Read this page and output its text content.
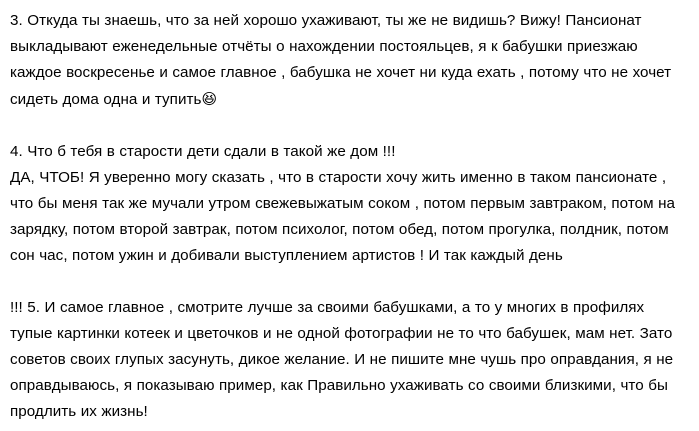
3. Откуда ты знаешь, что за ней хорошо ухаживают, ты же не видишь? Вижу! Пансионат выкладывают еженедельные отчёты о нахождении постояльцев, я к бабушки приезжаю каждое воскресенье и самое главное , бабушка не хочет ни куда ехать , потому что не хочет сидеть дома одна и тупить😆

4. Что б тебя в старости дети сдали в такой же дом !!!

ДА, ЧТОБ! Я уверенно могу сказать , что в старости хочу жить именно в таком пансионате , что бы меня так же мучали утром свежевыжатым соком , потом первым завтраком, потом на зарядку, потом второй завтрак, потом психолог, потом обед, потом прогулка, полдник, потом сон час, потом ужин и добивали выступлением артистов ! И так каждый день

!!! 5. И самое главное , смотрите лучше за своими бабушками, а то у многих в профилях тупые картинки котеек и цветочков и не одной фотографии не то что бабушек, мам нет. Зато советов своих глупых засунуть, дикое желание. И не пишите мне чушь про оправдания, я не оправдываюсь, я показываю пример, как Правильно ухаживать со своими близкими, что бы продлить их жизнь!
